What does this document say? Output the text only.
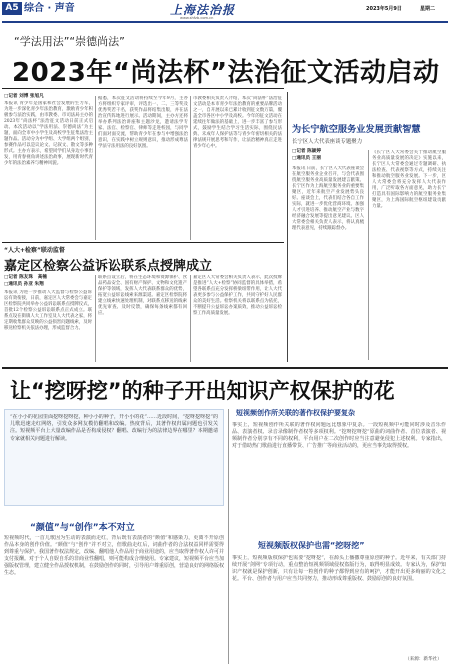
A5 综合 · 声音	上海法治报
www.shfzb.com.cn
2023年5月9日	星期二
“学法用法”“崇德尚法”
2023年“尚法杯”法治征文活动启动
□记者 刘博 张旭凡
本报讯 青少年是国家和社会发展的生力军，为进一步深化青少年法治教育，激励青少年积极参与法治实践，由市教委、市司法局主办的2023年“尚法杯”法治征文活动日前正式启动。本次活动以“学法用法、崇德尚法”为主题，面向全市中小学生及高校学生征集法治主题作品。活动分为中学组、大学组两个组别，参赛作品可以是议论文、记叙文、散文等多种形式。主办方表示，希望同学们从身边小事出发，用青春视角讲述法治故事，展现新时代青少年的法治素养与精神风貌。
据悉，本次征文活动将持续至今年9月，主办方将组织专家评审，评选出一、二、三等奖及优秀奖若干名，获奖作品将结集出版，并在法治宣传阵地进行展示。活动期间，主办方还将举办系列法治讲座和主题沙龙，邀请法学专家、法官、检察官、律师等走进校园，与同学们面对面交流，帮助青少年在参与中增强法治意识，在实践中树立规则意识，推动形成尊法学法守法用法的良好氛围。
市教委相关负责人介绍，本次“尚法杯”法治征文活动是本市青少年法治教育的重要品牌活动之一，自开展以来已累计收到征文数万篇，覆盖全市各区中小学及高校。今年的征文活动在延续往年做法的基础上，进一步丰富了参与形式，鼓励学生结合学习生活实际，围绕民法典、未成年人保护法等与青少年密切相关的法律法规开展思考和写作，让法治精神真正走进青少年心中。
为长宁航空服务业发展贡献智慧
长宁区人大代表座谈专题聚力
□记者 陈颖婷
□通讯员 王丽
本报讯 日前，长宁区人大代表座谈会在航空服务业企业召开，与会代表围绕航空服务业高质量发展建言献策。长宁区作为上海航空服务业的重要集聚区，近年来航空产业发展势头良好。座谈会上，代表们结合各自工作实际，就进一步优化营商环境、加强人才引进培养、推动航空产业与数字经济融合发展等提出意见建议。区人大常委会相关负责人表示，将认真梳理代表意见，持续跟踪督办。
《长宁区人大常委会关于推动航空服务业高质量发展的决定》实施以来，长宁区人大常委会通过专题调研、执法检查、代表视察等方式，持续关注和推动航空服务业发展。下一步，区人大常委会将充分发挥人大代表作用，广泛听取各方面意见，助力长宁打造具有国际影响力的航空服务业集聚区，为上海国际航空枢纽建设贡献力量。
“人大+检察”联动监督
嘉定区检察公益诉讼联系点授牌成立
□记者 陈友珠   高楠
□通讯员 孙亚 朱翔
本报讯 为进一步推动人大监督与检察公益诉讼有效衔接，日前，嘉定区人大常委会与嘉定区检察院共同举办公益诉讼联系点授牌仪式，首批12个检察公益诉讼联系点正式成立。联系点设在街镇人大工作室及人大代表之家，将定期收集群众反映的公益损害问题线索，及时移送检察机关依法办理，形成监督合力。
联系点设立后，将在生态环境和资源保护、食品药品安全、国有财产保护、文物和文化遗产保护等领域，发挥人大代表联系群众的优势，拓宽公益诉讼线索来源渠道。嘉定区检察院将建立线索快速处理机制，对联系点移送的线索优先审查、及时反馈，确保每条线索都有回应。
嘉定区人大常委会相关负责人表示，此次授牌是推进“人大+检察”协同监督的具体举措，希望各联系点充分发挥桥梁纽带作用，让人大代表更多参与公益保护工作，共同守护好人民群众的美好生活。检察机关将以联系点为依托，不断提升公益诉讼办案质效，推动公益诉讼检察工作高质量发展。
让“挖呀挖”的种子开出知识产权保护的花
“在小小的花园里面挖呀挖呀挖，种小小的种子，开小小的花”……近段时间，“挖呀挖呀挖”的儿歌迅速走红网络，引发众多网友模仿翻唱和改编。热度背后，其著作权归属问题也引发关注。短视频平台上大量改编作品是否构成侵权？翻唱、改编行为的法律边界在哪里？本期邀请专家就相关问题进行解读。
“颜值”与“创作”本不对立
短视频时代，一首儿歌因为生动的表演而走红，背后既有表演者的“颜值”和感染力，更离不开原创作品本身的创作价值。“颜值”与“创作”并不对立，但歌曲走红后，词曲作者的合法权益同样需要得到尊重与保护。我国著作权法规定，改编、翻唱他人作品用于商业用途的，应当取得著作权人许可并支付报酬。对于个人自娱自乐的非商业性翻唱，则可能构成合理使用。专家建议，短视频平台应当加强版权管理，建立健全作品授权机制，在鼓励创作的同时，引导用户尊重原创，营造良好的网络版权生态。
短视频创作所关联的著作权保护要复杂
事实上，短视频创作所关联的著作权问题远比想象中复杂。一段短视频中可能同时涉及音乐作品、表演者权、录音录像制作者权等多项权利。“挖呀挖呀挖”原曲的词曲作者、首位表演者、视频制作者分别享有不同的权利，平台用户在二次创作时应当注意避免侵犯上述权利。专家指出，对于借助热门歌曲进行直播带货、广告推广等商业活动的，更应当事先取得授权。
短视频版权保护也需“挖呀挖”
事实上，短视频版权保护也需要“挖呀挖”，在源头上播撒尊重原创的种子。近年来，有关部门持续开展“剑网”专项行动，重点整治短视频领域侵权盗版行为，取得明显成效。专家认为，保护知识产权就是保护创新，只有让每一粒创作的种子都得到应有的呵护，才能开出更多绚丽的文化之花。平台、创作者与用户应当共同努力，推动形成尊重版权、鼓励原创的良好氛围。
（来源：新华社）
